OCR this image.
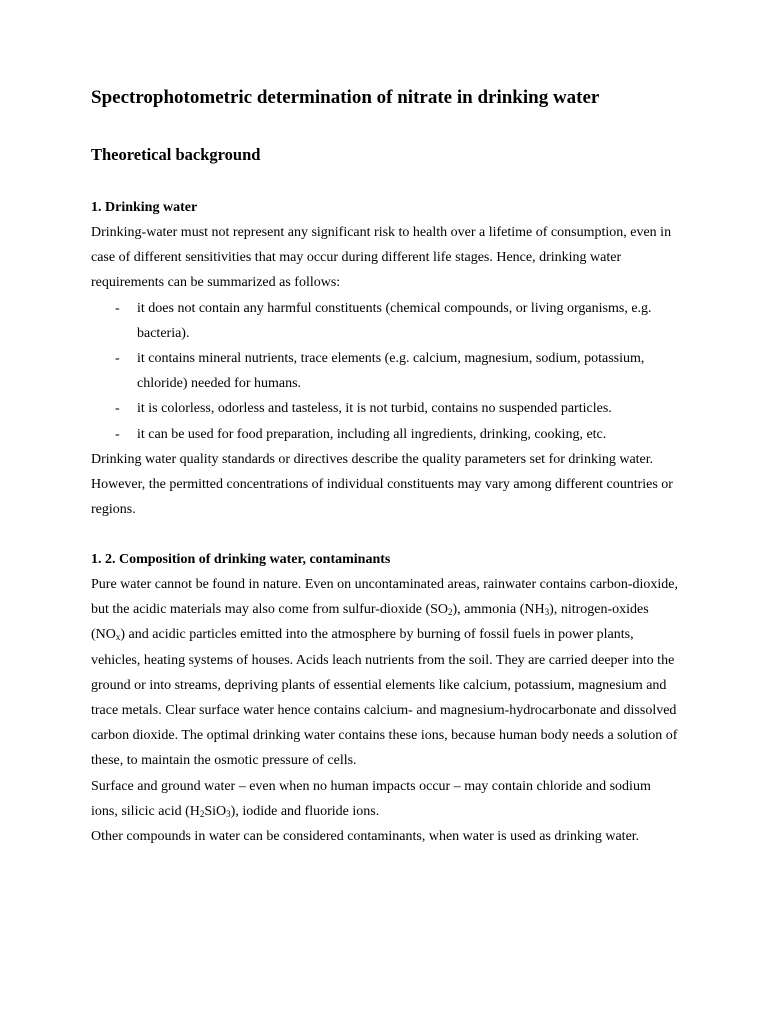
Spectrophotometric determination of nitrate in drinking water
Theoretical background
1. Drinking water

Drinking-water must not represent any significant risk to health over a lifetime of consumption, even in case of different sensitivities that may occur during different life stages. Hence, drinking water requirements can be summarized as follows:

- it does not contain any harmful constituents (chemical compounds, or living organisms, e.g. bacteria).
- it contains mineral nutrients, trace elements (e.g. calcium, magnesium, sodium, potassium, chloride) needed for humans.
- it is colorless, odorless and tasteless, it is not turbid, contains no suspended particles.
- it can be used for food preparation, including all ingredients, drinking, cooking, etc.

Drinking water quality standards or directives describe the quality parameters set for drinking water. However, the permitted concentrations of individual constituents may vary among different countries or regions.

1. 2. Composition of drinking water, contaminants

Pure water cannot be found in nature. Even on uncontaminated areas, rainwater contains carbon-dioxide, but the acidic materials may also come from sulfur-dioxide $(SO_2)$, ammonia $(NH_3)$, nitrogen-oxides $(NO_x)$ and acidic particles emitted into the atmosphere by burning of fossil fuels in power plants, vehicles, heating systems of houses. Acids leach nutrients from the soil. They are carried deeper into the ground or into streams, depriving plants of essential elements like calcium, potassium, magnesium and trace metals. Clear surface water hence contains calcium- and magnesium-hydrocarbonate and dissolved carbon dioxide. The optimal drinking water contains these ions, because human body needs a solution of these, to maintain the osmotic pressure of cells.

Surface and ground water – even when no human impacts occur – may contain chloride and sodium ions, silicic acid $(H_2SiO_3)$, iodide and fluoride ions.

Other compounds in water can be considered contaminants, when water is used as drinking water.
